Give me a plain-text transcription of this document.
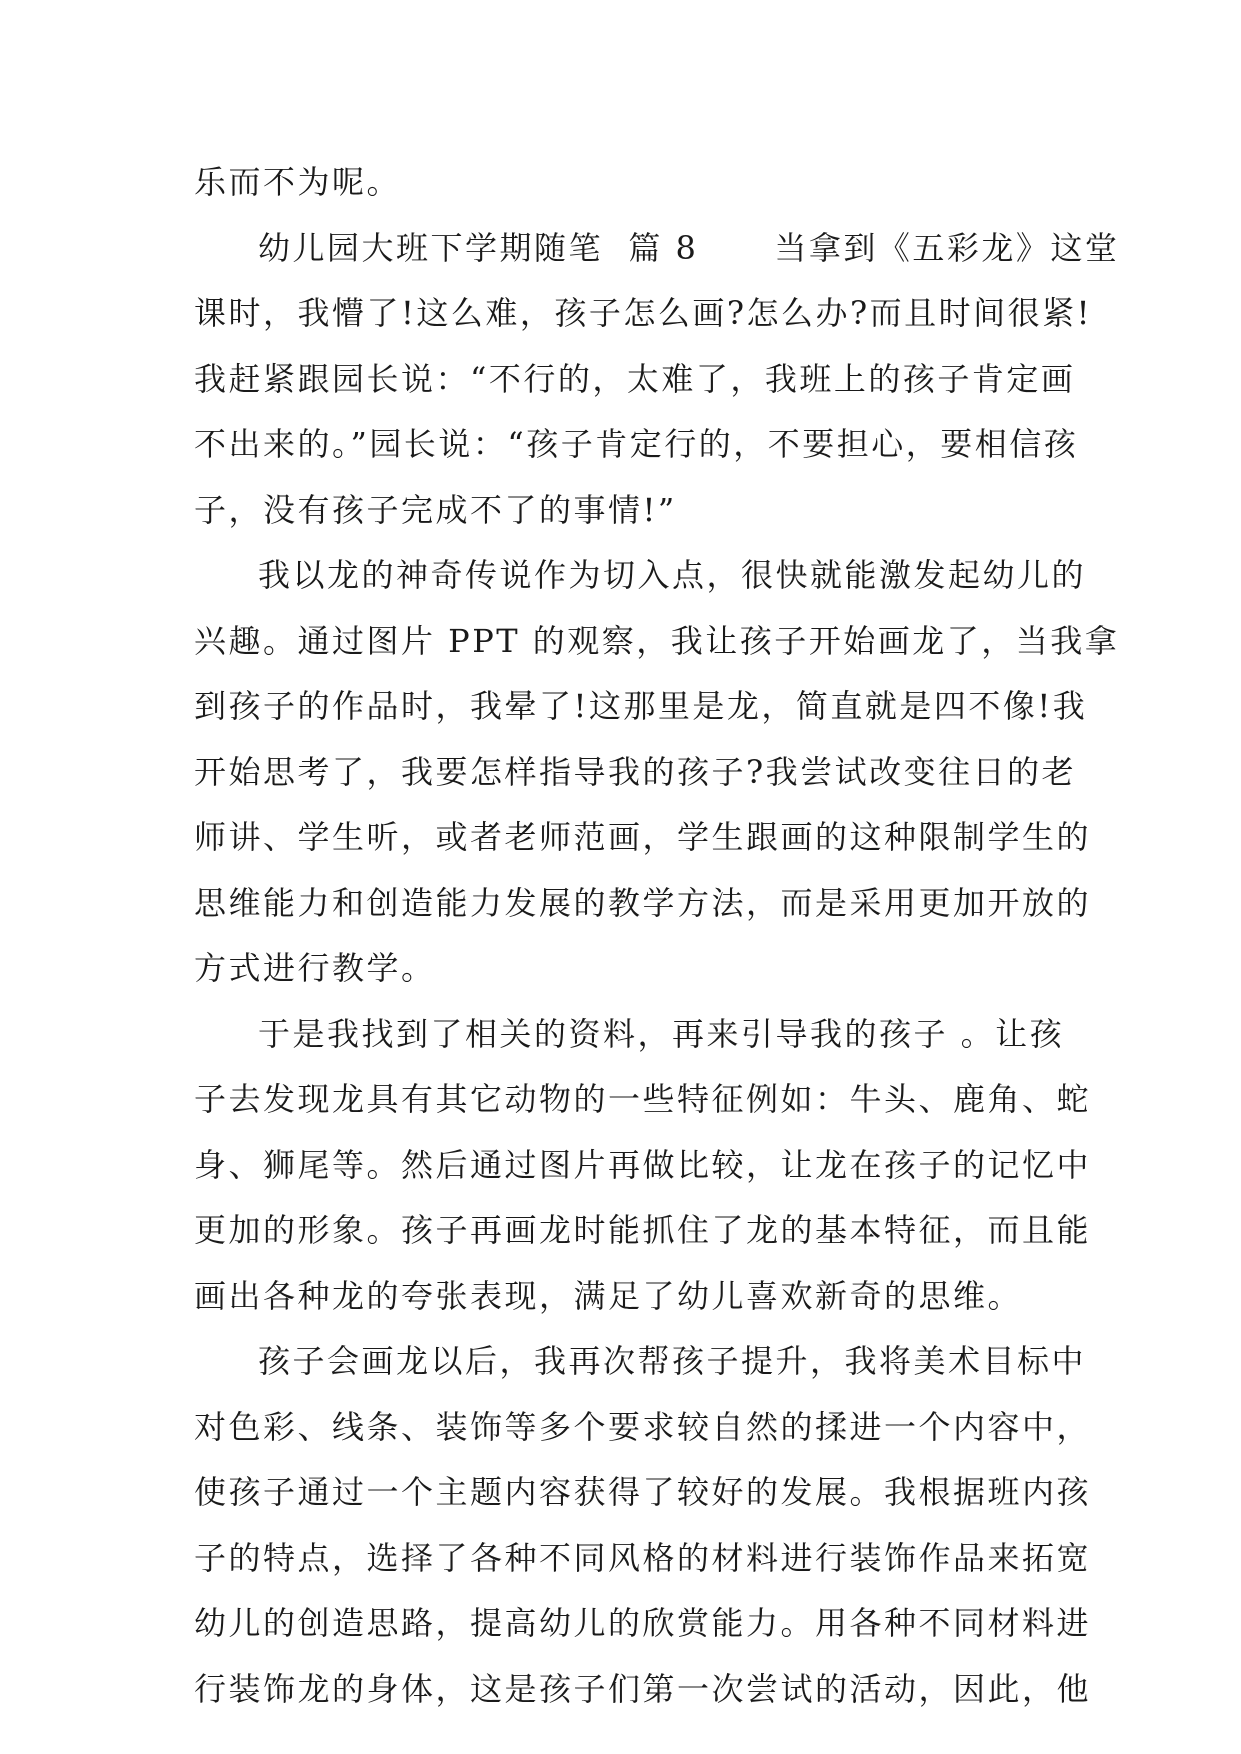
乐而不为呢。
幼儿园大班下学期随笔  篇 8      当拿到《五彩龙》这堂
课时，我懵了!这么难，孩子怎么画?怎么办?而且时间很紧!
我赶紧跟园长说：“不行的，太难了，我班上的孩子肯定画
不出来的。”园长说：“孩子肯定行的，不要担心，要相信孩
子，没有孩子完成不了的事情!”
我以龙的神奇传说作为切入点，很快就能激发起幼儿的
兴趣。通过图片 PPT 的观察，我让孩子开始画龙了，当我拿
到孩子的作品时，我晕了!这那里是龙，简直就是四不像!我
开始思考了，我要怎样指导我的孩子?我尝试改变往日的老
师讲、学生听，或者老师范画，学生跟画的这种限制学生的
思维能力和创造能力发展的教学方法，而是采用更加开放的
方式进行教学。
于是我找到了相关的资料，再来引导我的孩子 。让孩
子去发现龙具有其它动物的一些特征例如：牛头、鹿角、蛇
身、狮尾等。然后通过图片再做比较，让龙在孩子的记忆中
更加的形象。孩子再画龙时能抓住了龙的基本特征，而且能
画出各种龙的夸张表现，满足了幼儿喜欢新奇的思维。
孩子会画龙以后，我再次帮孩子提升，我将美术目标中
对色彩、线条、装饰等多个要求较自然的揉进一个内容中，
使孩子通过一个主题内容获得了较好的发展。我根据班内孩
子的特点，选择了各种不同风格的材料进行装饰作品来拓宽
幼儿的创造思路，提高幼儿的欣赏能力。用各种不同材料进
行装饰龙的身体，这是孩子们第一次尝试的活动，因此，他
